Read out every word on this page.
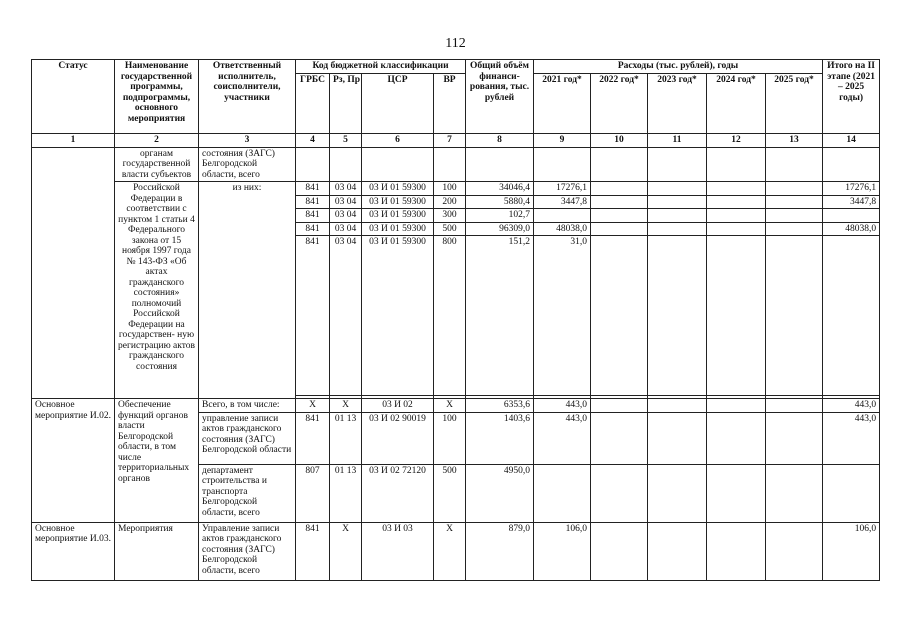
112
Статус	Наименование государственной программы, подпрограммы, основного мероприятия	Ответственный исполнитель, соисполнители, участники	Код бюджетной классификации				Общий объём финанси- рования, тыс. рублей	Расходы (тыс. рублей), годы					Итого на II этапе (2021 – 2025 годы)
			ГРБС	Рз, Пр	ЦСР	ВР		2021 год*	2022 год*	2023 год*	2024 год*	2025 год*	
1	2	3	4	5	6	7	8	9	10	11	12	13	14
	органам государственной власти субъектов	состояния (ЗАГС) Белгородской области, всего											
	Российской Федерации в соответствии с пунктом 1 статьи 4 Федерального закона от 15 ноября 1997 года № 143-ФЗ «Об актах гражданского состояния» полномочий Российской Федерации на государствен- ную регистрацию актов гражданского состояния	из них:	841	03 04	03 И 01 59300	100	34046,4	17276,1					17276,1
			841	03 04	03 И 01 59300	200	5880,4	3447,8					3447,8
			841	03 04	03 И 01 59300	300	102,7						
			841	03 04	03 И 01 59300	500	96309,0	48038,0					48038,0
			841	03 04	03 И 01 59300	800	151,2	31,0					

Основное мероприятие И.02.	Обеспечение функций органов власти Белгородской области, в том числе территориальных органов	Всего, в том числе:	X	X	03 И 02	X	6353,6	443,0					443,0
		управление записи актов гражданского состояния (ЗАГС) Белгородской области	841	01 13	03 И 02 90019	100	1403,6	443,0					443,0
		департамент строительства и транспорта Белгородской области, всего	807	01 13	03 И 02 72120	500	4950,0						
Основное мероприятие И.03.	Мероприятия	Управление записи актов гражданского состояния (ЗАГС) Белгородской области, всего	841	X	03 И 03	X	879,0	106,0					106,0
